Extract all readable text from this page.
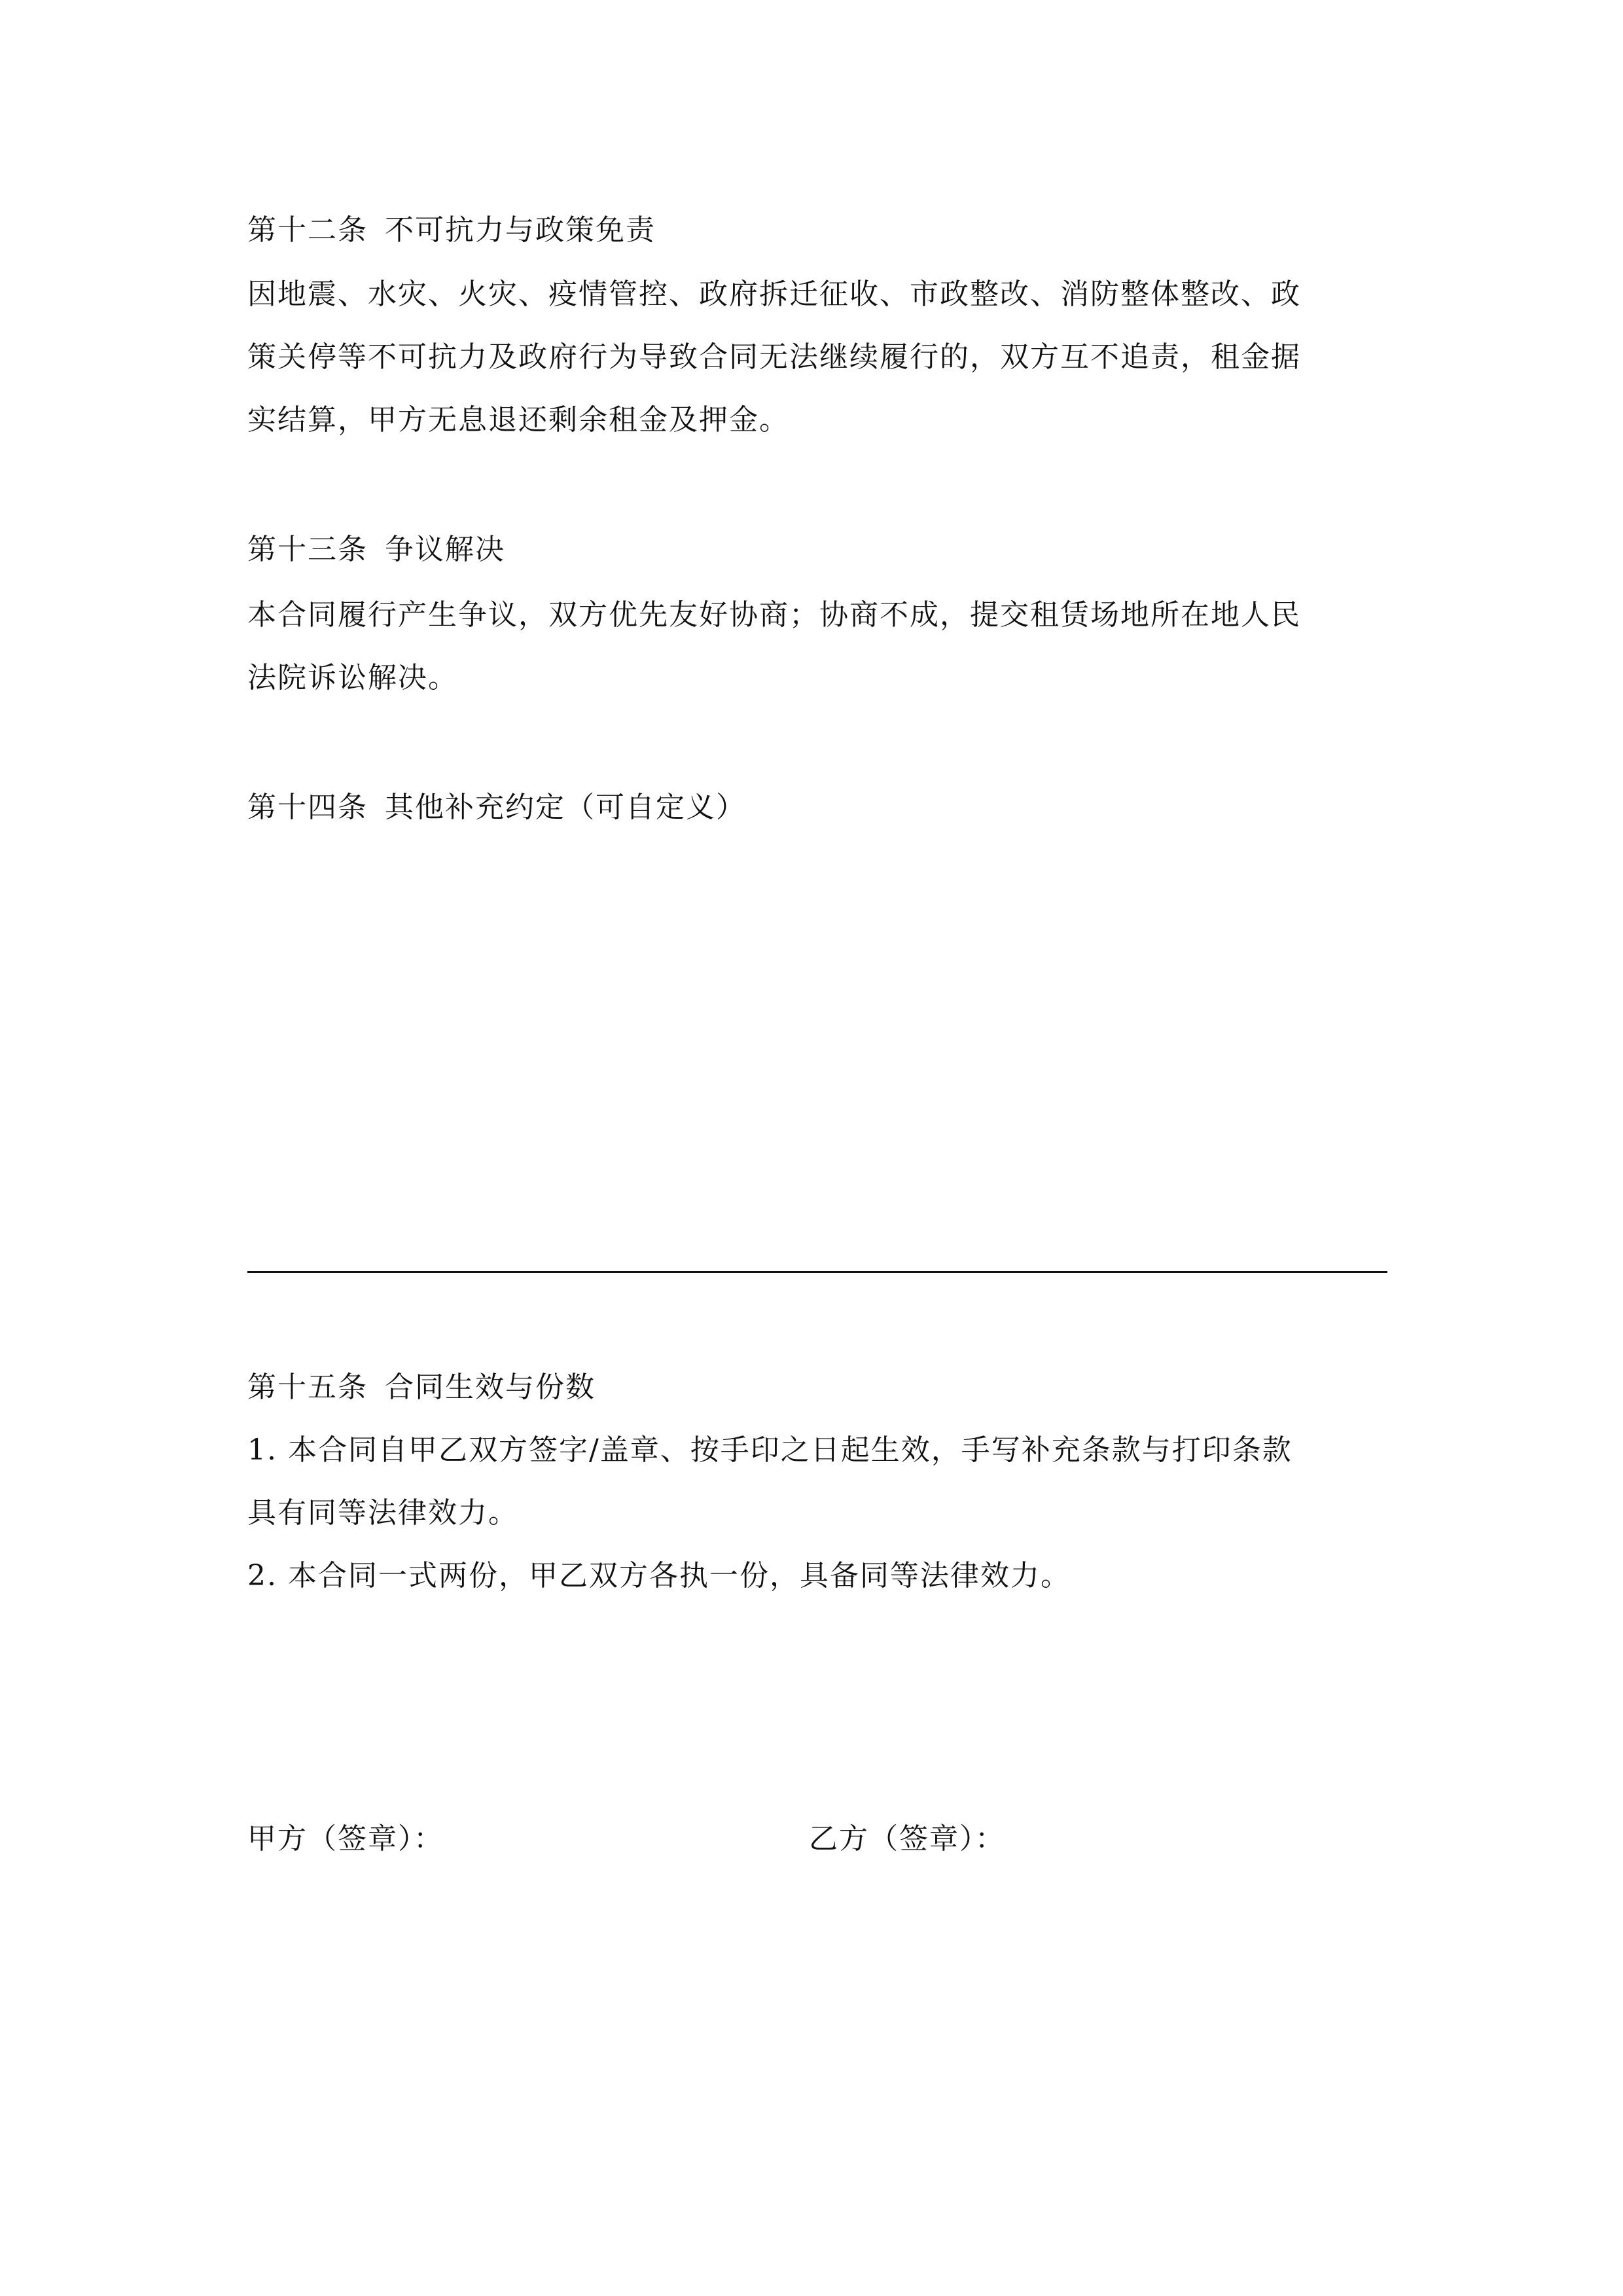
第十二条 不可抗力与政策免责
因地震、水灾、火灾、疫情管控、政府拆迁征收、市政整改、消防整体整改、政
策关停等不可抗力及政府行为导致合同无法继续履行的，双方互不追责，租金据
实结算，甲方无息退还剩余租金及押金。
第十三条 争议解决
本合同履行产生争议，双方优先友好协商；协商不成，提交租赁场地所在地人民
法院诉讼解决。
第十四条 其他补充约定（可自定义）
第十五条 合同生效与份数
1. 本合同自甲乙双方签字/盖章、按手印之日起生效，手写补充条款与打印条款
具有同等法律效力。
2. 本合同一式两份，甲乙双方各执一份，具备同等法律效力。
甲方（签章）：	乙方（签章）：
